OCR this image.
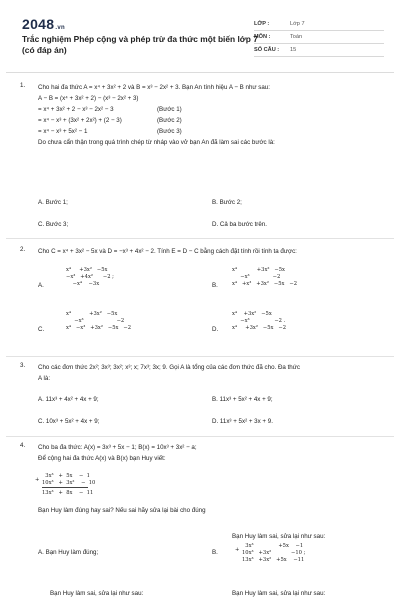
2048.vn
Trắc nghiệm Phép cộng và phép trừ đa thức một biến lớp 7 (có đáp án)
LỚP :	Lớp 7
MÔN :	Toán
SỐ CÂU :	15
1. Cho hai đa thức A = x⁴ + 3x² + 2 và B = x³ − 2x² + 3. Bạn An tính hiệu A − B như sau:
A − B = (x⁴ + 3x² + 2) − (x³ − 2x² + 3)
= x⁴ + 3x² + 2 − x³ − 2x² − 3	(Bước 1)
= x⁴ − x³ + (3x² + 2x²) + (2 − 3)	(Bước 2)
= x⁴ − x³ + 5x² − 1	(Bước 3)
Do chưa cẩn thận trong quá trình chép từ nháp vào vở bạn An đã làm sai các bước là:
A. Bước 1;	B. Bước 2;
C. Bước 3;	D. Cả ba bước trên.
2. Cho C = x⁴ + 3x² − 5x và D = −x³ + 4x² − 2. Tính E = D − C bằng cách đặt tính rồi tính ta được:
A.
x⁴     +3x²   −5x
−x³   +4x²      −2 ;
−x⁴    −3x	B.
x⁴            +3x²   −5x
−x³              −2
x⁴   +x³   +3x²   −5x   −2
C.
x⁴           +3x²   −5x
−x³                    −2
x⁴   −x³   +3x²   −5x   −2	D.
x⁴    +3x²   −5x
−x³               −2 .
x⁴     +3x²   −5x   −2
3. Cho các đơn thức 2x²; 3x³; 3x²; x³; x; 7x³; 3x; 9. Gọi A là tổng của các đơn thức đã cho. Đa thức
A là:
A. 11x³ + 4x² + 4x + 9;	B. 11x³ + 5x² + 4x + 9;
C. 10x³ + 5x² + 4x + 9;	D. 11x³ + 5x² + 3x + 9.
4. Cho ba đa thức: A(x) = 3x³ + 5x − 1; B(x) = 10x³ + 3x² − a;
Để cộng hai đa thức A(x) và B(x) bạn Huy viết:
+
3x³   +  5x    −  1
10x³   +  3x²    −  10
13x³   +  8x    −  11
Bạn Huy làm đúng hay sai? Nếu sai hãy sửa lại bài cho đúng
A. Bạn Huy làm đúng;	B.
Bạn Huy làm sai, sửa lại như sau:
+
3x³               +5x    −1
10x³   +3x²            −10 ;
13x³   +3x²   +5x    −11
Bạn Huy làm sai, sửa lại như sau:	Bạn Huy làm sai, sửa lại như sau:
